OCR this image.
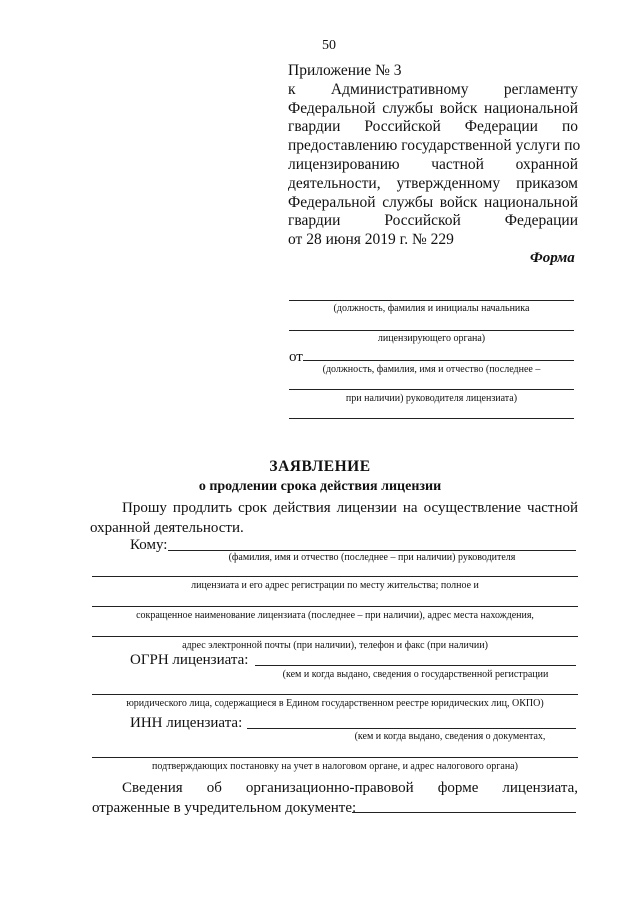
50
Приложение № 3
к Административному регламенту
Федеральной службы войск национальной
гвардии Российской Федерации по
предоставлению государственной услуги по
лицензированию частной охранной
деятельности, утвержденному приказом
Федеральной службы войск национальной
гвардии Российской Федерации
от 28 июня 2019 г. № 229
Форма
(должность, фамилия и инициалы начальника
лицензирующего органа)
от
(должность, фамилия, имя и отчество (последнее –
при наличии) руководителя лицензиата)
ЗАЯВЛЕНИЕ
о продлении срока действия лицензии
Прошу продлить срок действия лицензии на осуществление частной
охранной деятельности.
Кому:
(фамилия, имя и отчество (последнее – при наличии) руководителя
лицензиата и его адрес регистрации по месту жительства; полное и
сокращенное наименование лицензиата (последнее – при наличии), адрес места нахождения,
адрес электронной почты (при наличии), телефон и факс (при наличии)
ОГРН лицензиата:
(кем и когда выдано, сведения о государственной регистрации
юридического лица, содержащиеся в Едином государственном реестре юридических лиц, ОКПО)
ИНН лицензиата:
(кем и когда выдано, сведения о документах,
подтверждающих постановку на учет в налоговом органе, и адрес налогового органа)
Сведения об организационно-правовой форме лицензиата,
отраженные в учредительном документе:
